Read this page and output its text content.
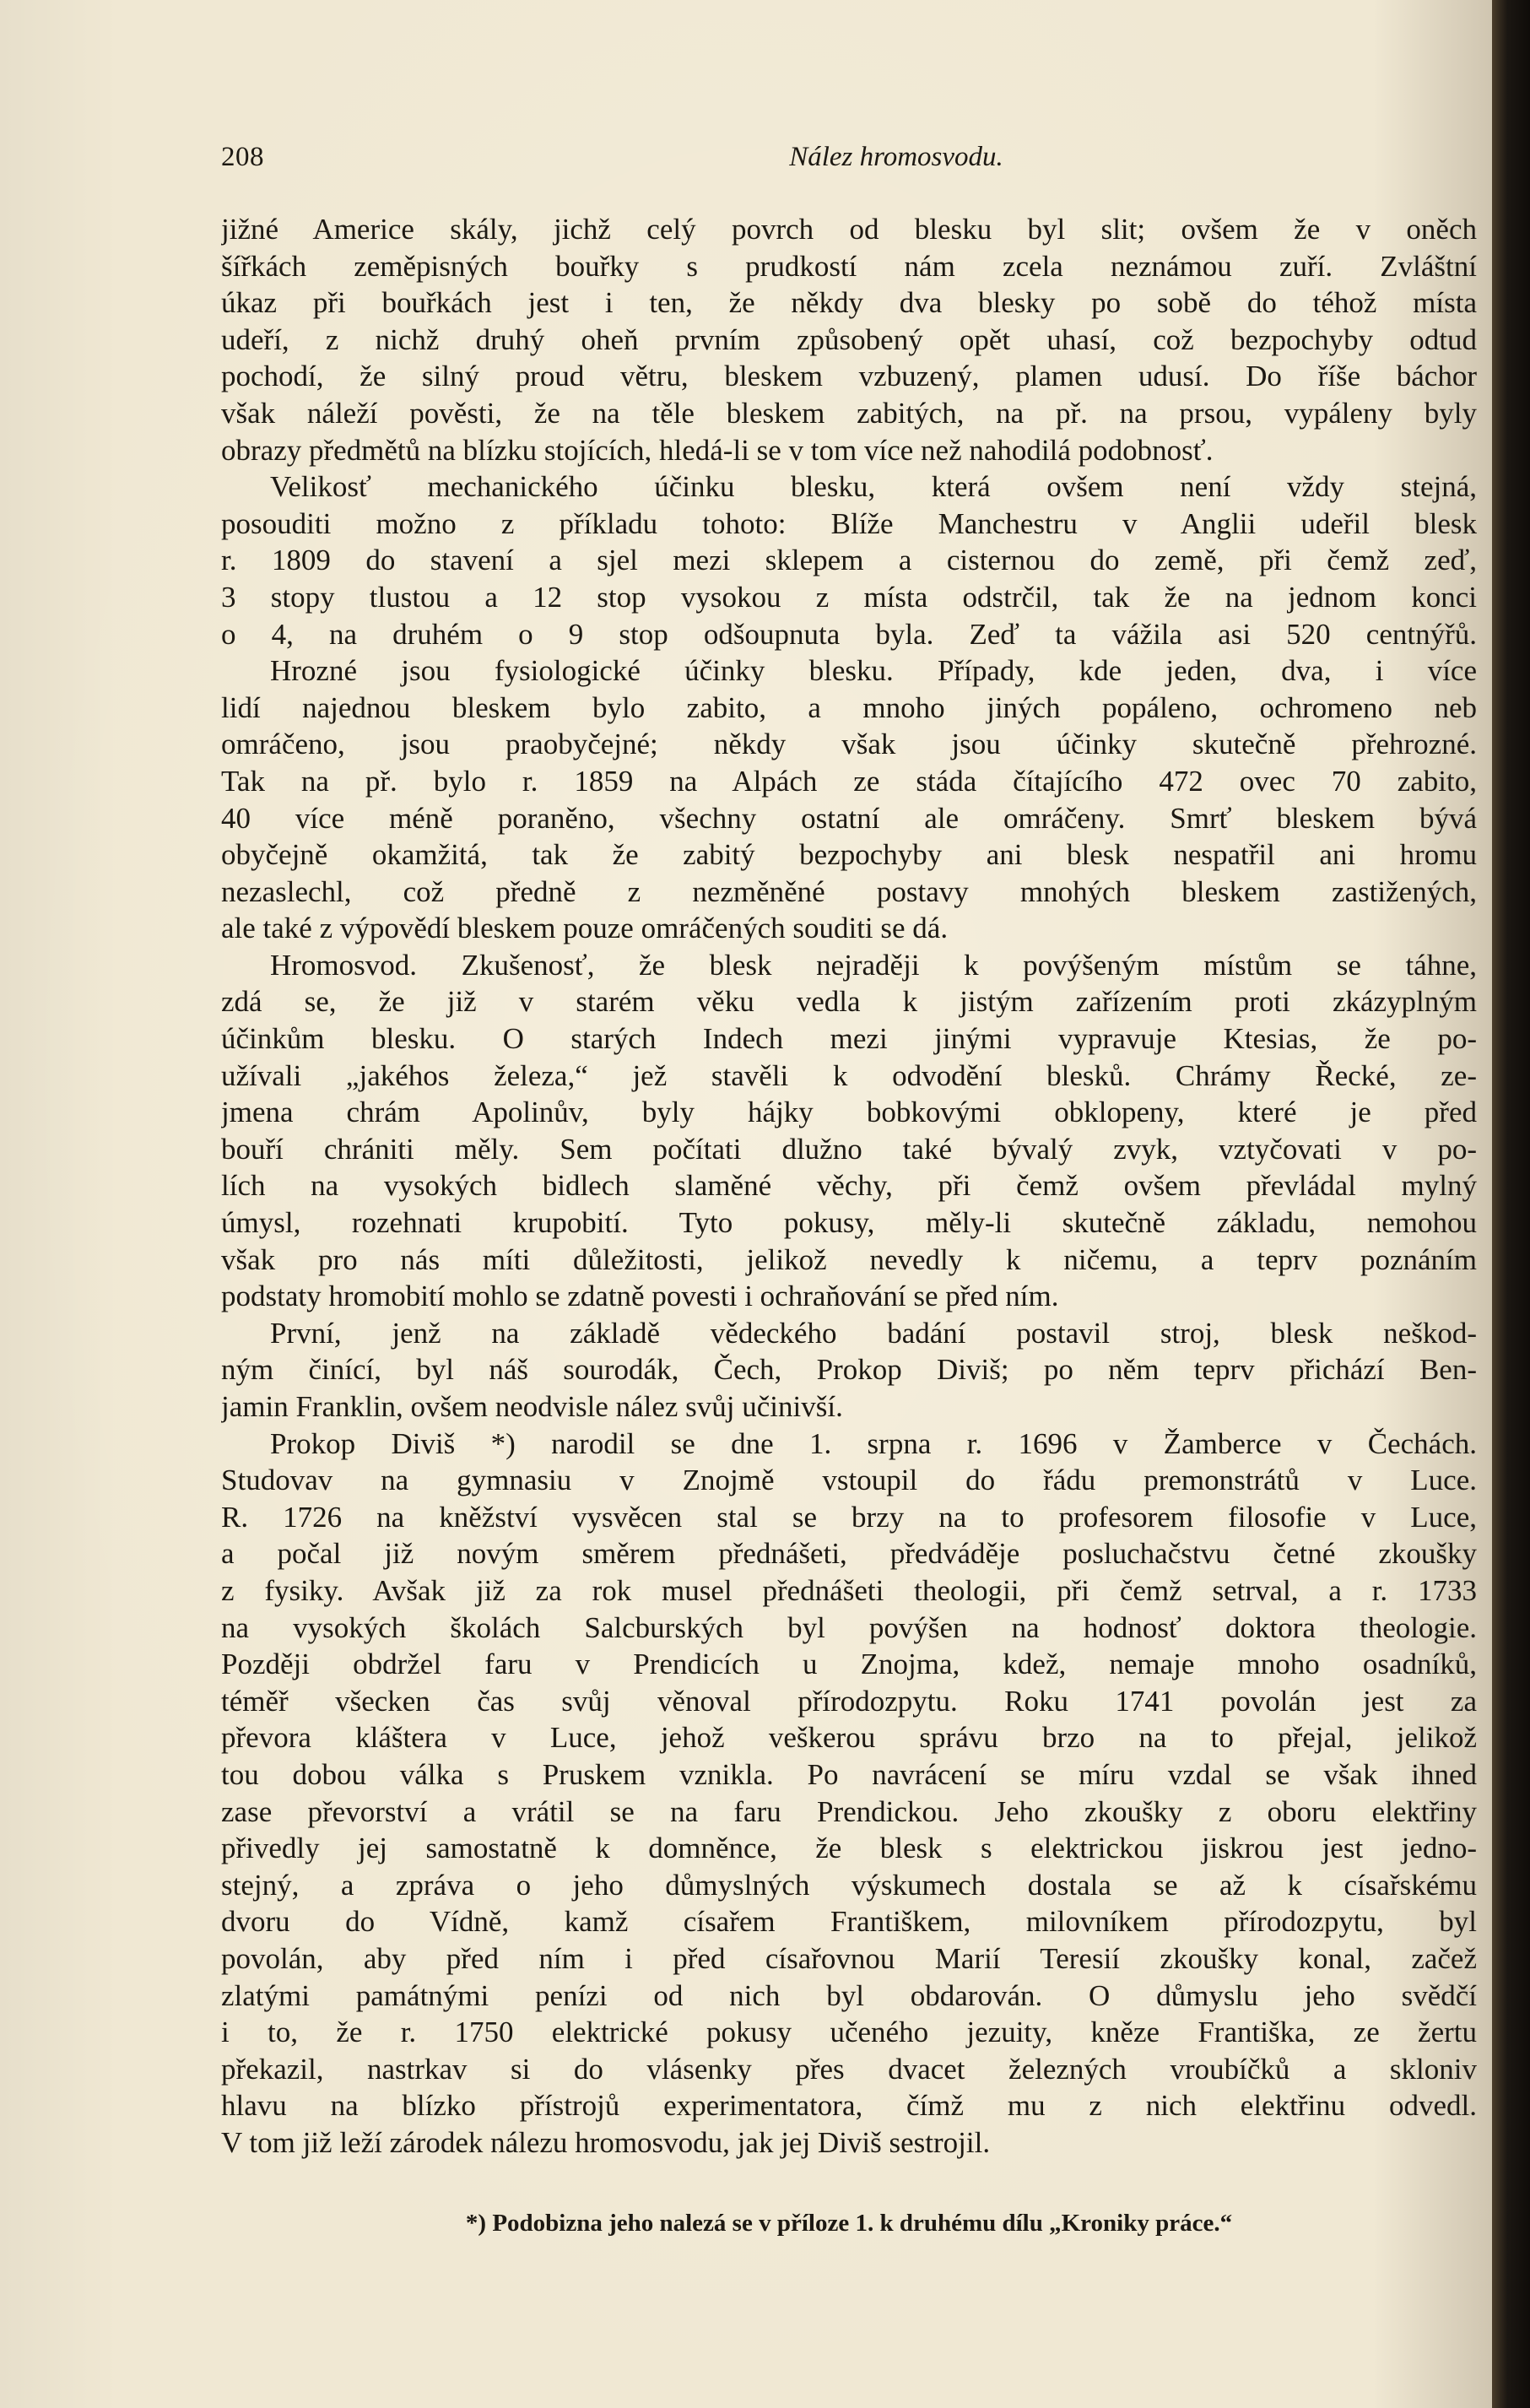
208	Nález hromosvodu.
jižné Americe skály, jichž celý povrch od blesku byl slit; ovšem že v oněch
šířkách zeměpisných bouřky s prudkostí nám zcela neznámou zuří. Zvláštní
úkaz při bouřkách jest i ten, že někdy dva blesky po sobě do téhož místa
udeří, z nichž druhý oheň prvním způsobený opět uhasí, což bezpochyby odtud
pochodí, že silný proud větru, bleskem vzbuzený, plamen udusí. Do říše báchor
však náleží pověsti, že na těle bleskem zabitých, na př. na prsou, vypáleny byly
obrazy předmětů na blízku stojících, hledá-li se v tom více než nahodilá podobnosť.
Velikosť mechanického účinku blesku, která ovšem není vždy stejná,
posouditi možno z příkladu tohoto: Blíže Manchestru v Anglii udeřil blesk
r. 1809 do stavení a sjel mezi sklepem a cisternou do země, při čemž zeď,
3 stopy tlustou a 12 stop vysokou z místa odstrčil, tak že na jednom konci
o 4, na druhém o 9 stop odšoupnuta byla. Zeď ta vážila asi 520 centnýřů.
Hrozné jsou fysiologické účinky blesku. Případy, kde jeden, dva, i více
lidí najednou bleskem bylo zabito, a mnoho jiných popáleno, ochromeno neb
omráčeno, jsou praobyčejné; někdy však jsou účinky skutečně přehrozné.
Tak na př. bylo r. 1859 na Alpách ze stáda čítajícího 472 ovec 70 zabito,
40 více méně poraněno, všechny ostatní ale omráčeny. Smrť bleskem bývá
obyčejně okamžitá, tak že zabitý bezpochyby ani blesk nespatřil ani hromu
nezaslechl, což předně z nezměněné postavy mnohých bleskem zastižených,
ale také z výpovědí bleskem pouze omráčených souditi se dá.
Hromosvod. Zkušenosť, že blesk nejraději k povýšeným místům se táhne,
zdá se, že již v starém věku vedla k jistým zařízením proti zkázyplným
účinkům blesku. O starých Indech mezi jinými vypravuje Ktesias, že po-
užívali „jakéhos železa,“ jež stavěli k odvodění blesků. Chrámy Řecké, ze-
jmena chrám Apolinův, byly hájky bobkovými obklopeny, které je před
bouří chrániti měly. Sem počítati dlužno také bývalý zvyk, vztyčovati v po-
lích na vysokých bidlech slaměné věchy, při čemž ovšem převládal mylný
úmysl, rozehnati krupobití. Tyto pokusy, měly-li skutečně základu, nemohou
však pro nás míti důležitosti, jelikož nevedly k ničemu, a teprv poznáním
podstaty hromobití mohlo se zdatně povesti i ochraňování se před ním.
První, jenž na základě vědeckého badání postavil stroj, blesk neškod-
ným činící, byl náš sourodák, Čech, Prokop Diviš; po něm teprv přichází Ben-
jamin Franklin, ovšem neodvisle nález svůj učinivší.
Prokop Diviš *) narodil se dne 1. srpna r. 1696 v Žamberce v Čechách.
Studovav na gymnasiu v Znojmě vstoupil do řádu premonstrátů v Luce.
R. 1726 na kněžství vysvěcen stal se brzy na to profesorem filosofie v Luce,
a počal již novým směrem přednášeti, předváděje posluchačstvu četné zkoušky
z fysiky. Avšak již za rok musel přednášeti theologii, při čemž setrval, a r. 1733
na vysokých školách Salcburských byl povýšen na hodnosť doktora theologie.
Později obdržel faru v Prendicích u Znojma, kdež, nemaje mnoho osadníků,
téměř všecken čas svůj věnoval přírodozpytu. Roku 1741 povolán jest za
převora kláštera v Luce, jehož veškerou správu brzo na to přejal, jelikož
tou dobou válka s Pruskem vznikla. Po navrácení se míru vzdal se však ihned
zase převorství a vrátil se na faru Prendickou. Jeho zkoušky z oboru elektřiny
přivedly jej samostatně k domněnce, že blesk s elektrickou jiskrou jest jedno-
stejný, a zpráva o jeho důmyslných výskumech dostala se až k císařskému
dvoru do Vídně, kamž císařem Františkem, milovníkem přírodozpytu, byl
povolán, aby před ním i před císařovnou Marií Teresií zkoušky konal, začež
zlatými památnými penízi od nich byl obdarován. O důmyslu jeho svědčí
i to, že r. 1750 elektrické pokusy učeného jezuity, kněze Františka, ze žertu
překazil, nastrkav si do vlásenky přes dvacet železných vroubíčků a skloniv
hlavu na blízko přístrojů experimentatora, čímž mu z nich elektřinu odvedl.
V tom již leží zárodek nálezu hromosvodu, jak jej Diviš sestrojil.
*) Podobizna jeho nalezá se v příloze 1. k druhému dílu „Kroniky práce.“
